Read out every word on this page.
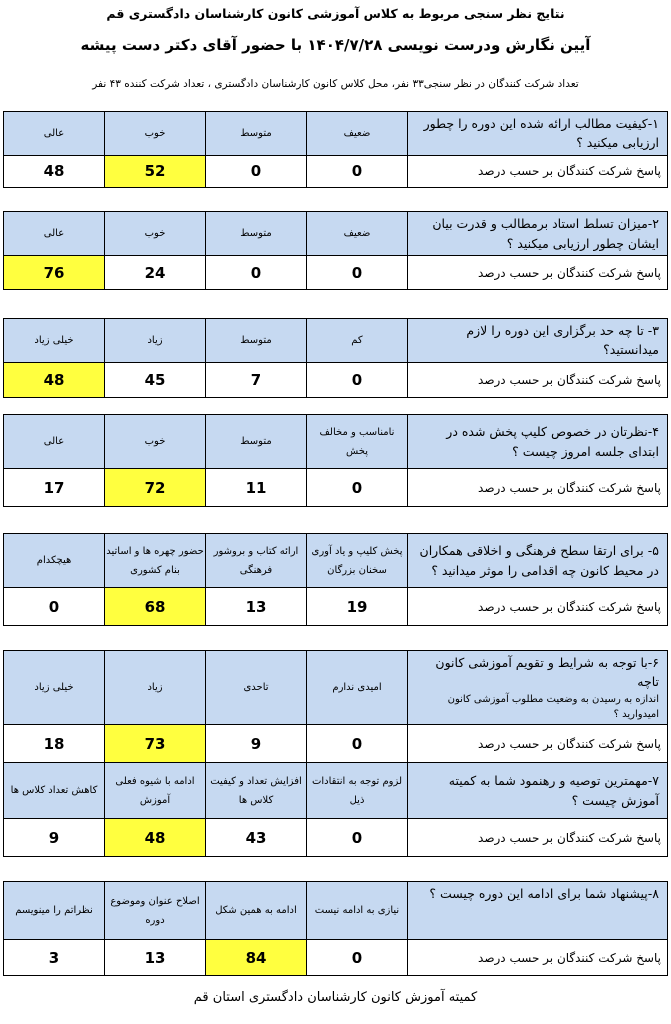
نتایج نظر سنجی مربوط به کلاس آموزشی کانون کارشناسان دادگستری قم
آیین نگارش ودرست نویسی ۱۴۰۴/۷/۲۸ با حضور آقای دکتر دست پیشه
تعداد شرکت کنندگان در نظر سنجی۳۳ نفر، محل کلاس کانون کارشناسان دادگستری ، تعداد شرکت کننده ۴۳ نفر
۱-کیفیت مطالب ارائه شده این دوره را چطور ارزیابی میکنید ؟	ضعیف	متوسط	خوب	عالی
پاسخ شرکت کنندگان بر حسب درصد	0	0	52	48
۲-میزان تسلط استاد برمطالب و قدرت بیان ایشان چطور ارزیابی میکنید ؟	ضعیف	متوسط	خوب	عالی
پاسخ شرکت کنندگان بر حسب درصد	0	0	24	76
۳- تا چه حد برگزاری این دوره را لازم میدانستید؟	کم	متوسط	زیاد	خیلی زیاد
پاسخ شرکت کنندگان بر حسب درصد	0	7	45	48
۴-نظرتان در خصوص کلیپ پخش شده در ابتدای جلسه امروز چیست ؟	نامناسب و مخالف پخش	متوسط	خوب	عالی
پاسخ شرکت کنندگان بر حسب درصد	0	11	72	17
۵- برای ارتقا سطح فرهنگی و اخلاقی همکاران در محیط کانون چه اقدامی را موثر میدانید ؟	پخش کلیپ و یاد آوری سخنان بزرگان	ارائه کتاب و بروشور فرهنگی	حضور چهره ها و اساتید بنام کشوری	هیچکدام
پاسخ شرکت کنندگان بر حسب درصد	19	13	68	0
۶-با توجه به شرایط و تقویم آموزشی کانون تاچه
اندازه به رسیدن به وضعیت مطلوب آموزشی کانون امیدوارید ؟	امیدی ندارم	تاحدی	زیاد	خیلی زیاد
پاسخ شرکت کنندگان بر حسب درصد	0	9	73	18
۷-مهمترین توصیه و رهنمود شما به کمیته آموزش چیست ؟	لزوم توجه به انتقادات ذیل	افزایش تعداد و کیفیت کلاس ها	ادامه با شیوه فعلی آموزش	کاهش تعداد کلاس ها
پاسخ شرکت کنندگان بر حسب درصد	0	43	48	9
۸-پیشنهاد شما برای ادامه این دوره چیست ؟	نیازی به ادامه نیست	ادامه به همین شکل	اصلاح عنوان وموضوع دوره	نظراتم را مینویسم
پاسخ شرکت کنندگان بر حسب درصد	0	84	13	3
کمیته آموزش کانون کارشناسان دادگستری استان قم
